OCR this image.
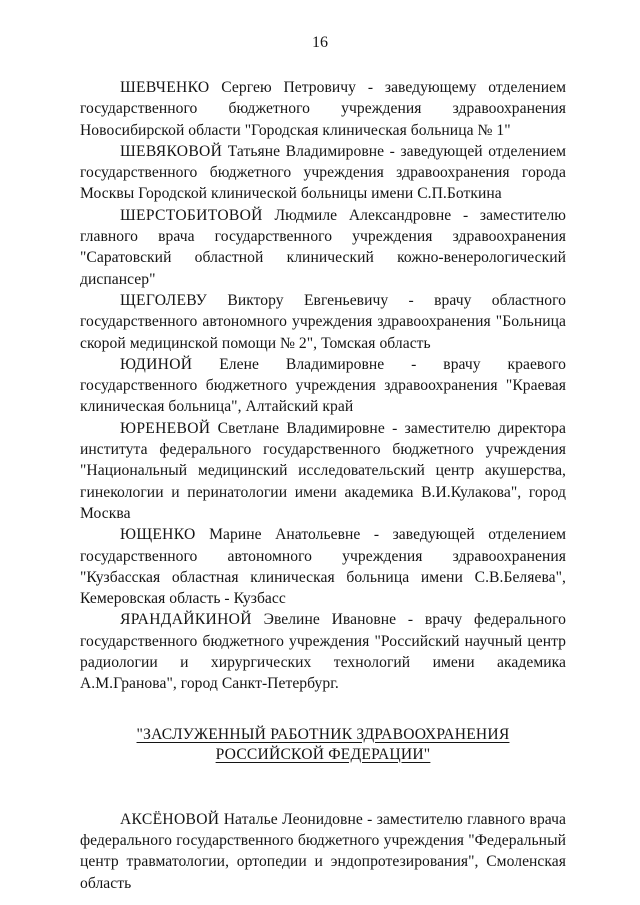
16

ШЕВЧЕНКО Сергею Петровичу - заведующему отделением государственного бюджетного учреждения здравоохранения Новосибирской области "Городская клиническая больница № 1"

ШЕВЯКОВОЙ Татьяне Владимировне - заведующей отделением государственного бюджетного учреждения здравоохранения города Москвы Городской клинической больницы имени С.П.Боткина

ШЕРСТОБИТОВОЙ Людмиле Александровне - заместителю главного врача государственного учреждения здравоохранения "Саратовский областной клинический кожно-венерологический диспансер"

ЩЕГОЛЕВУ Виктору Евгеньевичу - врачу областного государственного автономного учреждения здравоохранения "Больница скорой медицинской помощи № 2", Томская область

ЮДИНОЙ Елене Владимировне - врачу краевого государственного бюджетного учреждения здравоохранения "Краевая клиническая больница", Алтайский край

ЮРЕНЕВОЙ Светлане Владимировне - заместителю директора института федерального государственного бюджетного учреждения "Национальный медицинский исследовательский центр акушерства, гинекологии и перинатологии имени академика В.И.Кулакова", город Москва

ЮЩЕНКО Марине Анатольевне - заведующей отделением государственного автономного учреждения здравоохранения "Кузбасская областная клиническая больница имени С.В.Беляева", Кемеровская область - Кузбасс

ЯРАНДАЙКИНОЙ Эвелине Ивановне - врачу федерального государственного бюджетного учреждения "Российский научный центр радиологии и хирургических технологий имени академика А.М.Гранова", город Санкт-Петербург.

"ЗАСЛУЖЕННЫЙ РАБОТНИК ЗДРАВООХРАНЕНИЯ
РОССИЙСКОЙ ФЕДЕРАЦИИ"

АКСЁНОВОЙ Наталье Леонидовне - заместителю главного врача федерального государственного бюджетного учреждения "Федеральный центр травматологии, ортопедии и эндопротезирования", Смоленская область
